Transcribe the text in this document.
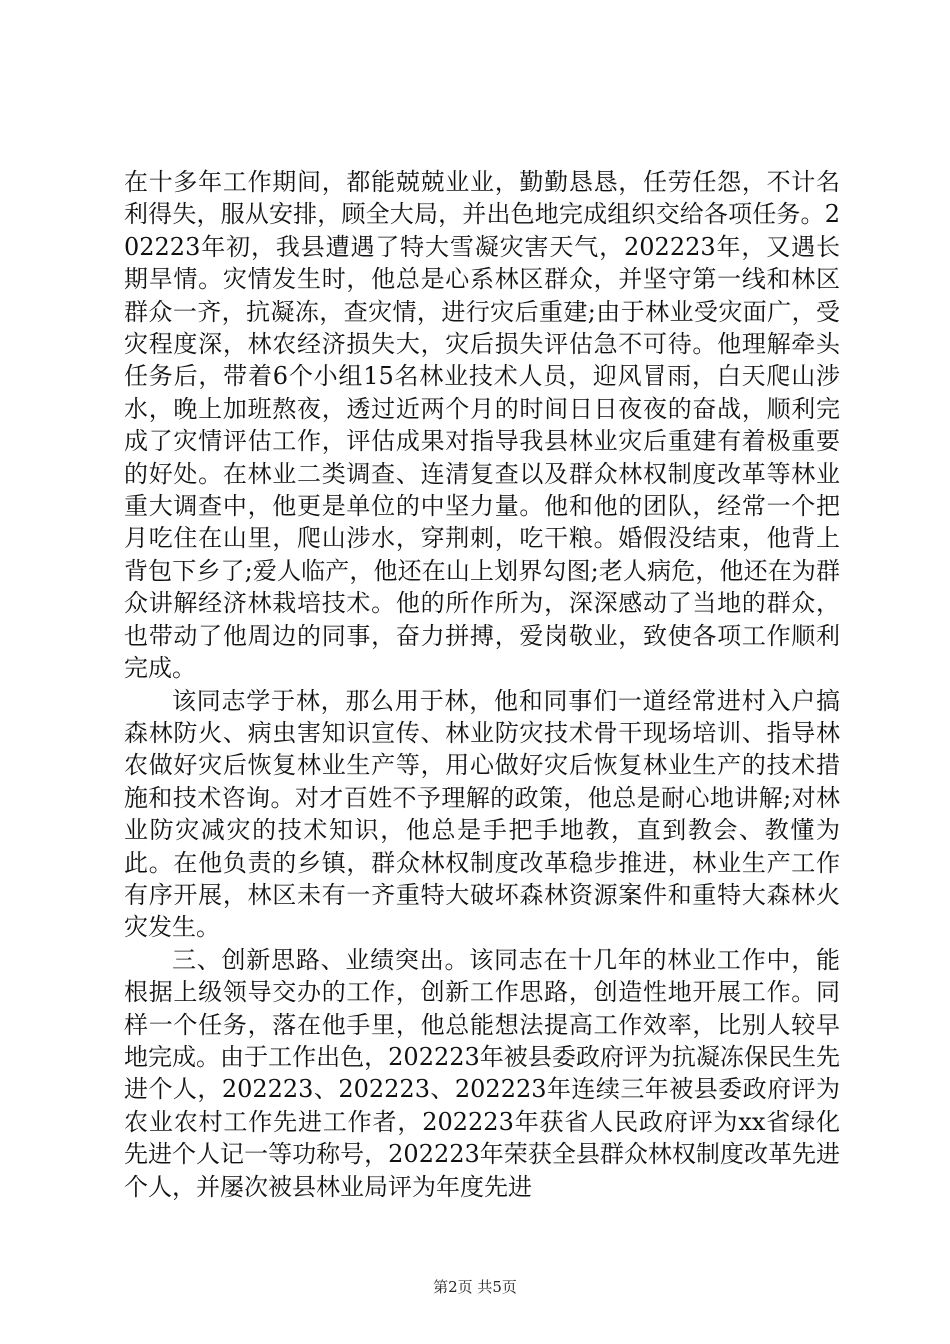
在十多年工作期间，都能兢兢业业，勤勤恳恳，任劳任怨，不计名利得失，服从安排，顾全大局，并出色地完成组织交给各项任务。202223年初，我县遭遇了特大雪凝灾害天气，202223年，又遇长期旱情。灾情发生时，他总是心系林区群众，并坚守第一线和林区群众一齐，抗凝冻，查灾情，进行灾后重建;由于林业受灾面广，受灾程度深，林农经济损失大，灾后损失评估急不可待。他理解牵头任务后，带着6个小组15名林业技术人员，迎风冒雨，白天爬山涉水，晚上加班熬夜，透过近两个月的时间日日夜夜的奋战，顺利完成了灾情评估工作，评估成果对指导我县林业灾后重建有着极重要的好处。在林业二类调查、连清复查以及群众林权制度改革等林业重大调查中，他更是单位的中坚力量。他和他的团队，经常一个把月吃住在山里，爬山涉水，穿荆刺，吃干粮。婚假没结束，他背上背包下乡了;爱人临产，他还在山上划界勾图;老人病危，他还在为群众讲解经济林栽培技术。他的所作所为，深深感动了当地的群众，也带动了他周边的同事，奋力拼搏，爱岗敬业，致使各项工作顺利完成。

该同志学于林，那么用于林，他和同事们一道经常进村入户搞森林防火、病虫害知识宣传、林业防灾技术骨干现场培训、指导林农做好灾后恢复林业生产等，用心做好灾后恢复林业生产的技术措施和技术咨询。对才百姓不予理解的政策，他总是耐心地讲解;对林业防灾减灾的技术知识，他总是手把手地教，直到教会、教懂为此。在他负责的乡镇，群众林权制度改革稳步推进，林业生产工作有序开展，林区未有一齐重特大破坏森林资源案件和重特大森林火灾发生。

三、创新思路、业绩突出。该同志在十几年的林业工作中，能根据上级领导交办的工作，创新工作思路，创造性地开展工作。同样一个任务，落在他手里，他总能想法提高工作效率，比别人较早地完成。由于工作出色，202223年被县委政府评为抗凝冻保民生先进个人，202223、202223、202223年连续三年被县委政府评为农业农村工作先进工作者，202223年获省人民政府评为xx省绿化先进个人记一等功称号，202223年荣获全县群众林权制度改革先进个人，并屡次被县林业局评为年度先进

第2页 共5页
